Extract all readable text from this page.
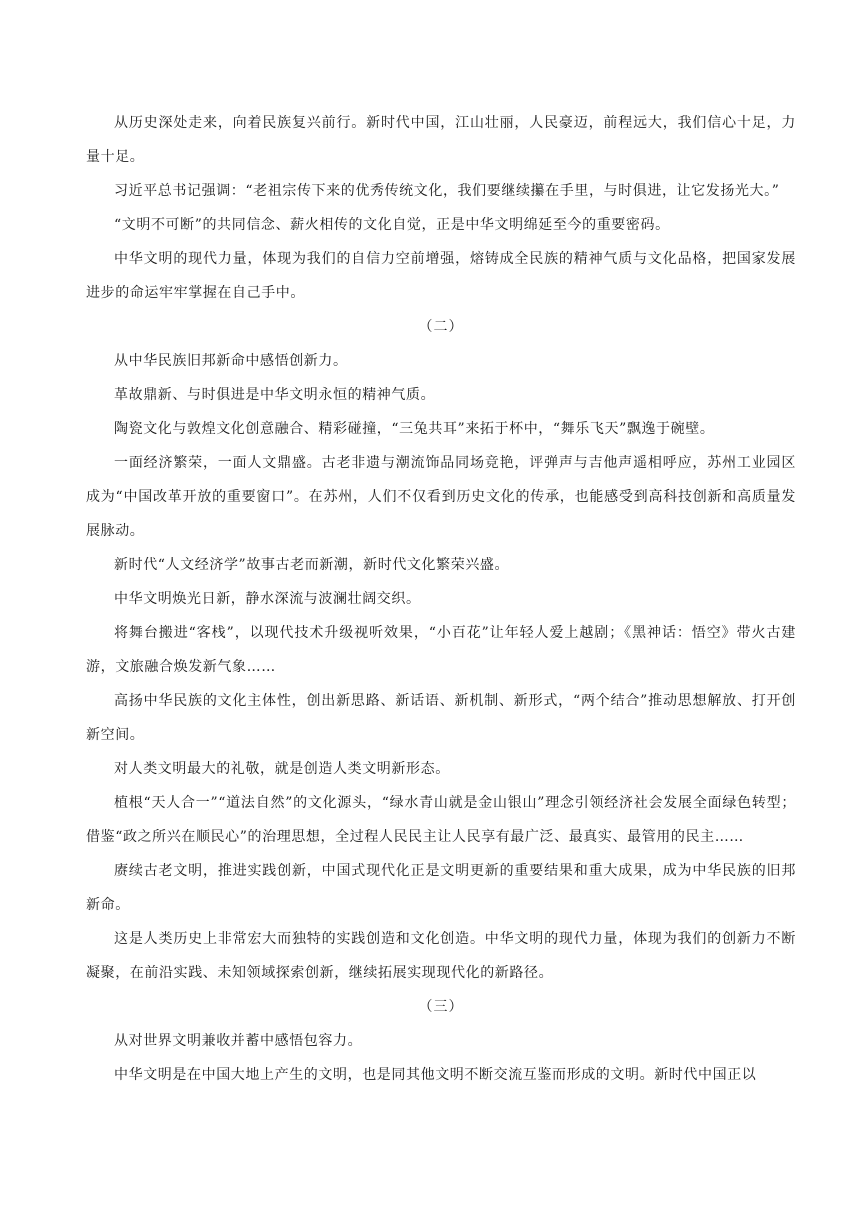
从历史深处走来，向着民族复兴前行。新时代中国，江山壮丽，人民豪迈，前程远大，我们信心十足，力量十足。

习近平总书记强调：“老祖宗传下来的优秀传统文化，我们要继续攥在手里，与时俱进，让它发扬光大。”

“文明不可断”的共同信念、薪火相传的文化自觉，正是中华文明绵延至今的重要密码。

中华文明的现代力量，体现为我们的自信力空前增强，熔铸成全民族的精神气质与文化品格，把国家发展进步的命运牢牢掌握在自己手中。

（二）

从中华民族旧邦新命中感悟创新力。

革故鼎新、与时俱进是中华文明永恒的精神气质。

陶瓷文化与敦煌文化创意融合、精彩碰撞，“三兔共耳”来拓于杯中，“舞乐飞天”飘逸于碗壁。

一面经济繁荣，一面人文鼎盛。古老非遗与潮流饰品同场竞艳，评弹声与吉他声遥相呼应，苏州工业园区成为“中国改革开放的重要窗口”。在苏州，人们不仅看到历史文化的传承，也能感受到高科技创新和高质量发展脉动。

新时代“人文经济学”故事古老而新潮，新时代文化繁荣兴盛。

中华文明焕光日新，静水深流与波澜壮阔交织。

将舞台搬进“客栈”，以现代技术升级视听效果，“小百花”让年轻人爱上越剧；《黑神话：悟空》带火古建游，文旅融合焕发新气象……

高扬中华民族的文化主体性，创出新思路、新话语、新机制、新形式，“两个结合”推动思想解放、打开创新空间。

对人类文明最大的礼敬，就是创造人类文明新形态。

植根“天人合一”“道法自然”的文化源头，“绿水青山就是金山银山”理念引领经济社会发展全面绿色转型；借鉴“政之所兴在顺民心”的治理思想，全过程人民民主让人民享有最广泛、最真实、最管用的民主……

赓续古老文明，推进实践创新，中国式现代化正是文明更新的重要结果和重大成果，成为中华民族的旧邦新命。

这是人类历史上非常宏大而独特的实践创造和文化创造。中华文明的现代力量，体现为我们的创新力不断凝聚，在前沿实践、未知领域探索创新，继续拓展实现现代化的新路径。

（三）

从对世界文明兼收并蓄中感悟包容力。

中华文明是在中国大地上产生的文明，也是同其他文明不断交流互鉴而形成的文明。新时代中国正以
